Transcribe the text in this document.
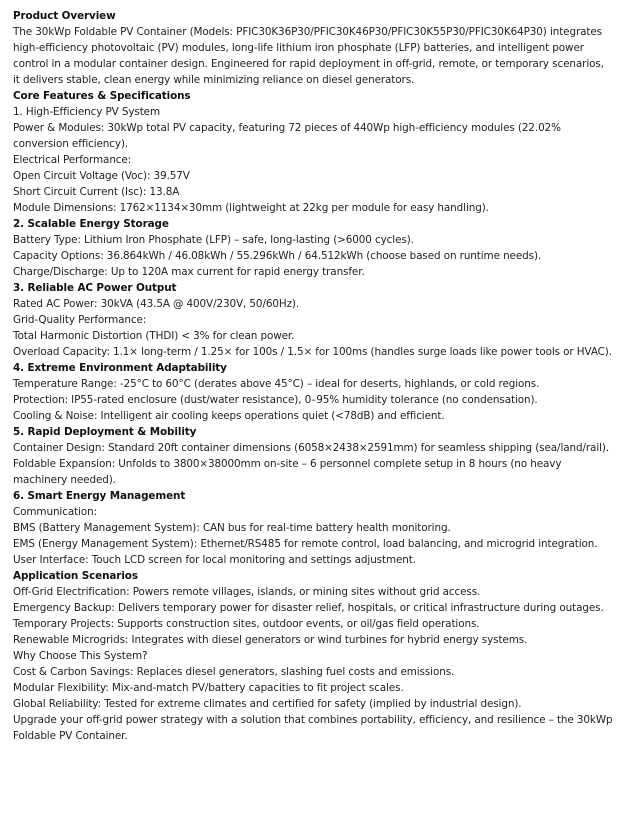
Product Overview

The 30kWp Foldable PV Container (Models: PFIC30K36P30/PFIC30K46P30/PFIC30K55P30/PFIC30K64P30) integrates high-efficiency photovoltaic (PV) modules, long-life lithium iron phosphate (LFP) batteries, and intelligent power control in a modular container design. Engineered for rapid deployment in off-grid, remote, or temporary scenarios, it delivers stable, clean energy while minimizing reliance on diesel generators.

Core Features & Specifications

1. High-Efficiency PV System

Power & Modules: 30kWp total PV capacity, featuring 72 pieces of 440Wp high-efficiency modules (22.02% conversion efficiency).

Electrical Performance:

Open Circuit Voltage (Voc): 39.57V

Short Circuit Current (Isc): 13.8A

Module Dimensions: 1762×1134×30mm (lightweight at 22kg per module for easy handling).

2. Scalable Energy Storage

Battery Type: Lithium Iron Phosphate (LFP) – safe, long-lasting (>6000 cycles).

Capacity Options: 36.864kWh / 46.08kWh / 55.296kWh / 64.512kWh (choose based on runtime needs).

Charge/Discharge: Up to 120A max current for rapid energy transfer.

3. Reliable AC Power Output

Rated AC Power: 30kVA (43.5A @ 400V/230V, 50/60Hz).

Grid-Quality Performance:

Total Harmonic Distortion (THDI) < 3% for clean power.

Overload Capacity: 1.1× long-term / 1.25× for 100s / 1.5× for 100ms (handles surge loads like power tools or HVAC).

4. Extreme Environment Adaptability

Temperature Range: -25°C to 60°C (derates above 45°C) – ideal for deserts, highlands, or cold regions.

Protection: IP55-rated enclosure (dust/water resistance), 0–95% humidity tolerance (no condensation).

Cooling & Noise: Intelligent air cooling keeps operations quiet (<78dB) and efficient.

5. Rapid Deployment & Mobility

Container Design: Standard 20ft container dimensions (6058×2438×2591mm) for seamless shipping (sea/land/rail).

Foldable Expansion: Unfolds to 3800×38000mm on-site – 6 personnel complete setup in 8 hours (no heavy machinery needed).

6. Smart Energy Management

Communication:

BMS (Battery Management System): CAN bus for real-time battery health monitoring.

EMS (Energy Management System): Ethernet/RS485 for remote control, load balancing, and microgrid integration.

User Interface: Touch LCD screen for local monitoring and settings adjustment.

Application Scenarios

Off-Grid Electrification: Powers remote villages, islands, or mining sites without grid access.

Emergency Backup: Delivers temporary power for disaster relief, hospitals, or critical infrastructure during outages.

Temporary Projects: Supports construction sites, outdoor events, or oil/gas field operations.

Renewable Microgrids: Integrates with diesel generators or wind turbines for hybrid energy systems.

Why Choose This System?

Cost & Carbon Savings: Replaces diesel generators, slashing fuel costs and emissions.

Modular Flexibility: Mix-and-match PV/battery capacities to fit project scales.

Global Reliability: Tested for extreme climates and certified for safety (implied by industrial design).

Upgrade your off-grid power strategy with a solution that combines portability, efficiency, and resilience – the 30kWp Foldable PV Container.
